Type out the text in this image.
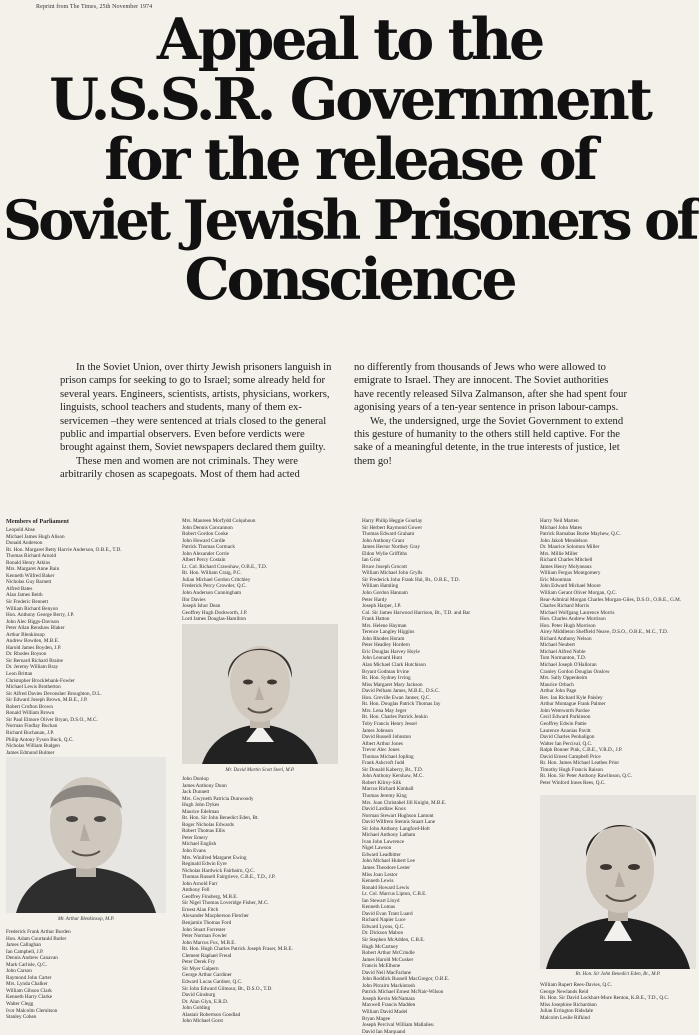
Reprint from The Times, 25th November 1974 Appeal to the
U.S.S.R. Government
for the release of
Soviet Jewish Prisoners of
Conscience

In the Soviet Union, over thirty Jewish prisoners languish in prison camps for seeking to go to Israel; some already held for several years. Engineers, scientists, artists, physicians, workers, linguists, school teachers and students, many of them ex-servicemen –they were sentenced at trials closed to the general public and impartial observers. Even before verdicts were brought against them, Soviet newspapers declared them guilty.

These men and women are not criminals. They were arbitrarily chosen as scapegoats. Most of them had acted

no differently from thousands of Jews who were allowed to emigrate to Israel. They are innocent. The Soviet authorities have recently released Silva Zalmanson, after she had spent four agonising years of a ten-year sentence in prison labour-camps.

We, the undersigned, urge the Soviet Government to extend this gesture of humanity to the others still held captive. For the sake of a meaningful detente, in the true interests of justice, let them go!

Members of Parliament
Leopold Abse
Michael James Hugh Alison
Donald Anderson
Rt. Hon. Margaret Betty Harvie Anderson, O.B.E., T.D.
Thomas Richard Arnold
Ronald Henry Atkins
Mrs. Margaret Anne Bain
Kenneth Wilfred Baker
Nicholas Guy Barnett
Alfred Bates
Alan James Beith
Sir Frederic Bennett
William Richard Benyon
Hon. Anthony George Berry, J.P.
John Alec Biggs-Davison
Peter Allan Renshaw Blaker
Arthur Blenkinsop
Andrew Bowden, M.B.E.
Harold James Boyden, J.P.
Dr. Rhodes Boyson
Sir Bernard Richard Braine
Dr. Jeremy William Bray
Leon Brittan
Christopher Brocklebank-Fowler
Michael Lewis Brotherton
Sir Alfred Davies Devonsher Broughton, D.L.
Sir Edward Joseph Brown, M.B.E., J.P.
Robert Crofton Brown
Ronald William Brown
Sir Paul Elmore Oliver Bryan, D.S.O., M.C.
Norman Findlay Buchan
Richard Buchanan, J.P.
Philip Antony Fyson Buck, Q.C.
Nicholas William Budgen
James Edmund Bulmer
Mr. Arthur Blenkinsop, M.P.
Frederick Frank Arthur Burden
Hon. Adam Courtauld Butler
James Callaghan
Ian Campbell, J.P.
Dennis Andrew Canavan
Mark Carlisle, Q.C.
John Carson
Raymond John Carter
Mrs. Lynda Chalker
William Gibson Clark
Kenneth Harry Clarke
Walter Clegg
Ivor Malcolm Clemitson
Stanley Cohen
Mrs. Maureen Morfydd Colquhoun
John Dennis Concannon
Robert Gordon Cooke
John Howard Cordle
Patrick Thomas Cormack
John Alexander Corrie
Albert Percy Costain
Lt. Col. Richard Crawshaw, O.B.E., T.D.
Rt. Hon. William Craig, P.C.
Julian Michael Gordon Critchley
Frederick Percy Crowder, Q.C.
John Anderson Cunningham
Ifor Davies
Joseph Ishor Dean
Geoffrey Hugh Dodsworth, J.P.
Lord James Douglas-Hamilton
Mr. David Martin Scott Steel, M.P.
John Dunlop
James Anthony Dunn
Jack Dunnett
Mrs. Gwyneth Patricia Dunwoody
Hugh John Dykes
Maurice Edelman
Rt. Hon. Sir John Benedict Eden, Bt.
Roger Nicholas Edwards
Robert Thomas Ellis
Peter Emery
Michael English
John Evans
Mrs. Winifred Margaret Ewing
Reginald Edwin Eyre
Nicholas Hardwick Fairbairn, Q.C.
Thomas Russell Fairgrieve, C.B.E., T.D., J.P.
John Arnold Farr
Anthony Fell
Geoffrey Finsberg, M.B.E.
Sir Nigel Thomas Loveridge Fisher, M.C.
Ernest Alan Fitch
Alexander Macpherson Fletcher
Benjamin Thomas Ford
John Stuart Forrester
Peter Norman Fowler
John Marcus Fox, M.B.E.
Rt. Hon. Hugh Charles Patrick Joseph Fraser, M.B.E.
Clement Raphael Freud
Peter Derek Fry
Sir Myer Galpern
George Arthur Gardiner
Edward Lucas Gardner, Q.C.
Sir John Edward Gilmour, Bt., D.S.O., T.D.
David Ginsburg
Dr. Alan Glyn, E.R.D.
John Golding
Alastair Robertson Goodlad
John Michael Gorst
Harry Philip Heggie Gourlay
Sir Herbert Raymond Gower
Thomas Edward Graham
John Anthony Grant
James Hector Northey Gray
Eldon Wylie Griffiths
Ian Grist
Bruce Joseph Grocott
William Michael John Grylls
Sir Frederick John Frank Hal, Bt., O.B.E., T.D.
William Hamling
John Gordon Hannam
Peter Hardy
Joseph Harper, J.P.
Col. Sir James Harwood Harrison, Bt., T.D. and Bar
Frank Hatton
Mrs. Helene Hayman
Terence Langley Higgins
John Rhodes Horam
Peter Headley Hordern
Eric Douglas Harvey Hoyle
John Leonard Hunt
Alan Michael Clark Hutchison
Bryant Godman Irvine
Rt. Hon. Sydney Irving
Miss Margaret Mary Jackson
David Pelham James, M.B.E., D.S.C.
Hon. Greville Ewan Janner, Q.C.
Rt. Hon. Douglas Patrick Thomas Jay
Mrs. Lena May Jeger
Rt. Hon. Charles Patrick Jenkin
Toby Francis Henry Jessel
James Johnson
David Russell Johnston
Albert Arthur Jones
Trevor Alec Jones
Thomas Michael Jopling
Frank Ashcroft Judd
Sir Donald Kaberry, Bt., T.D.
John Anthony Kershaw, M.C.
Robert Kilroy-Silk
Marcus Richard Kimball
Thomas Jeremy King
Mrs. Joan Christabel Jill Knight, M.B.E.
David Lardlaw Knox
Norman Stewart Hughson Lamont
David Wilfrem Stennis Stuart Lane
Sir John Anthony Langford-Holt
Michael Anthony Latham
Ivan John Lawrence
Nigel Lawson
Edward Leadbitter
John Michael Hubert Lee
James Theodore Lester
Miss Joan Lestor
Kenneth Lewis
Ronald Howard Lewis
Lt. Col. Marcus Lipton, C.B.E.
Ian Stewart Lloyd
Kenneth Lomas
David Evan Trant Luard
Richard Napier Luce
Edward Lyons, Q.C.
Dr. Dickson Mabon
Sir Stephen McAdden, C.B.E.
Hugh McCartney
Robert Arthur McCrindle
James Harold McCusker
Francis McElhone
David Neil MacFarlane
John Roddick Russell MacGregor, O.B.E.
John Pitcairn Mackintosh
Patrick Michael Ernest McNair-Wilson
Joseph Kevin McNamara
Maxwell Francis Madden
William David Madel
Bryan Magee
Joseph Percival William Mallalieu
David Ian Marquand
Harry Neil Marten
Michael John Mates
Patrick Barnabas Burke Mayhew, Q.C.
John Jakob Mendelson
Dr. Maurice Solomon Miller
Mrs. Millie Miller
Richard Charles Mitchell
James Henry Molyneaux
William Fergus Montgomery
Eric Moonman
John Edward Michael Moore
William Gerant Oliver Morgan, Q.C.
Rear-Admiral Morgan Charles Morgan-Giles, D.S.O., O.B.E., G.M.
Charles Richard Morris
Michael Wolfgang Laurence Morris
Hon. Charles Andrew Morrison
Hon. Peter Hugh Morrison
Airey Middleton Sheffield Neave, D.S.O., O.B.E., M.C., T.D.
Richard Anthony Nelson
Michael Neubert
Michael Alfred Noble
Tom Normanton, T.D.
Michael Joseph O'Halloran
Cranley Gordon Douglas Onslow
Mrs. Sally Oppenheim
Maurice Orbach
Arthur John Page
Rev. Ian Richard Kyle Paisley
Arthur Montague Frank Palmer
John Wentworth Pardoe
Cecil Edward Parkinson
Geoffrey Edwin Pattie
Laurence Ananias Pavitt
David Charles Penhaligon
Walter Ian Percival, Q.C.
Ralph Bonner Pink, C.B.E., V.R.D., J.P.
David Ernest Campbell Price
Rt. Hon. James Michael Leathes Prior
Timothy Hugh Francis Raison
Rt. Hon. Sir Peter Anthony Rawlinson, Q.C.
Peter Winford Innes Rees, Q.C.
Rt. Hon. Sir John Benedict Eden, Bt., M.P.
William Rupert Rees-Davies, Q.C.
George Newlands Reid
Rt. Hon. Sir David Lockhart-Mure Renton, K.B.E., T.D., Q.C.
Miss Josephine Richardson
Julian Errington Ridsdale
Malcolm Leslie Rifkind
